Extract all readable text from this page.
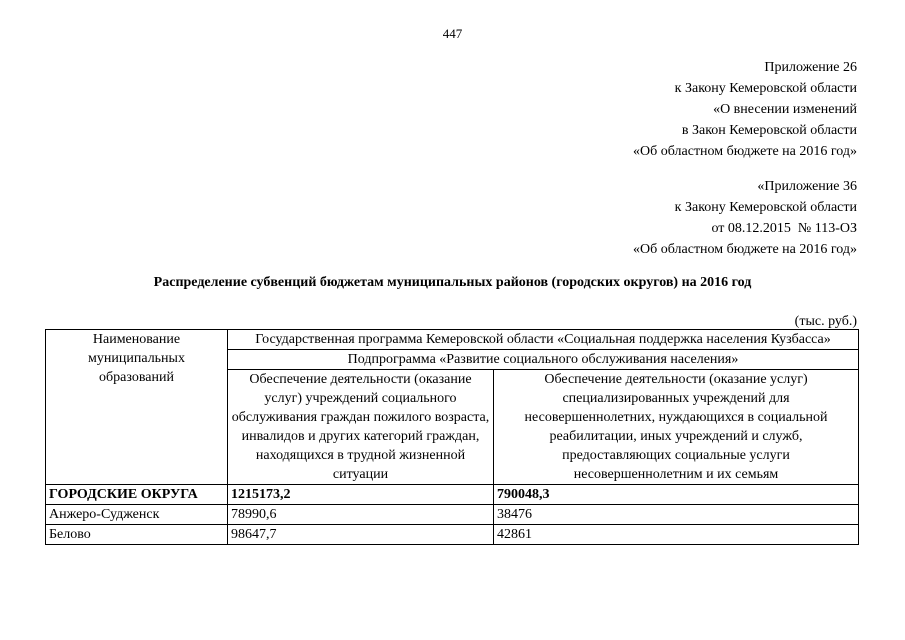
447
Приложение 26
к Закону Кемеровской области
«О внесении изменений
в Закон Кемеровской области
«Об областном бюджете на 2016 год»
«Приложение 36
к Закону Кемеровской области
от 08.12.2015  № 113-ОЗ
«Об областном бюджете на 2016 год»
Распределение субвенций бюджетам муниципальных районов (городских округов) на 2016 год
(тыс. руб.)
Наименование муниципальных образований	Государственная программа Кемеровской области «Социальная поддержка населения Кузбасса»	
	Подпрограмма «Развитие социального обслуживания населения»	
	Обеспечение деятельности (оказание услуг) учреждений социального обслуживания граждан пожилого возраста, инвалидов и других категорий граждан, находящихся в трудной жизненной ситуации	Обеспечение деятельности (оказание услуг) специализированных учреждений для несовершеннолетних, нуждающихся в социальной реабилитации, иных учреждений и служб, предоставляющих социальные услуги несовершеннолетним и их семьям
ГОРОДСКИЕ ОКРУГА	1215173,2	790048,3
Анжеро-Судженск	78990,6	38476
Белово	98647,7	42861
